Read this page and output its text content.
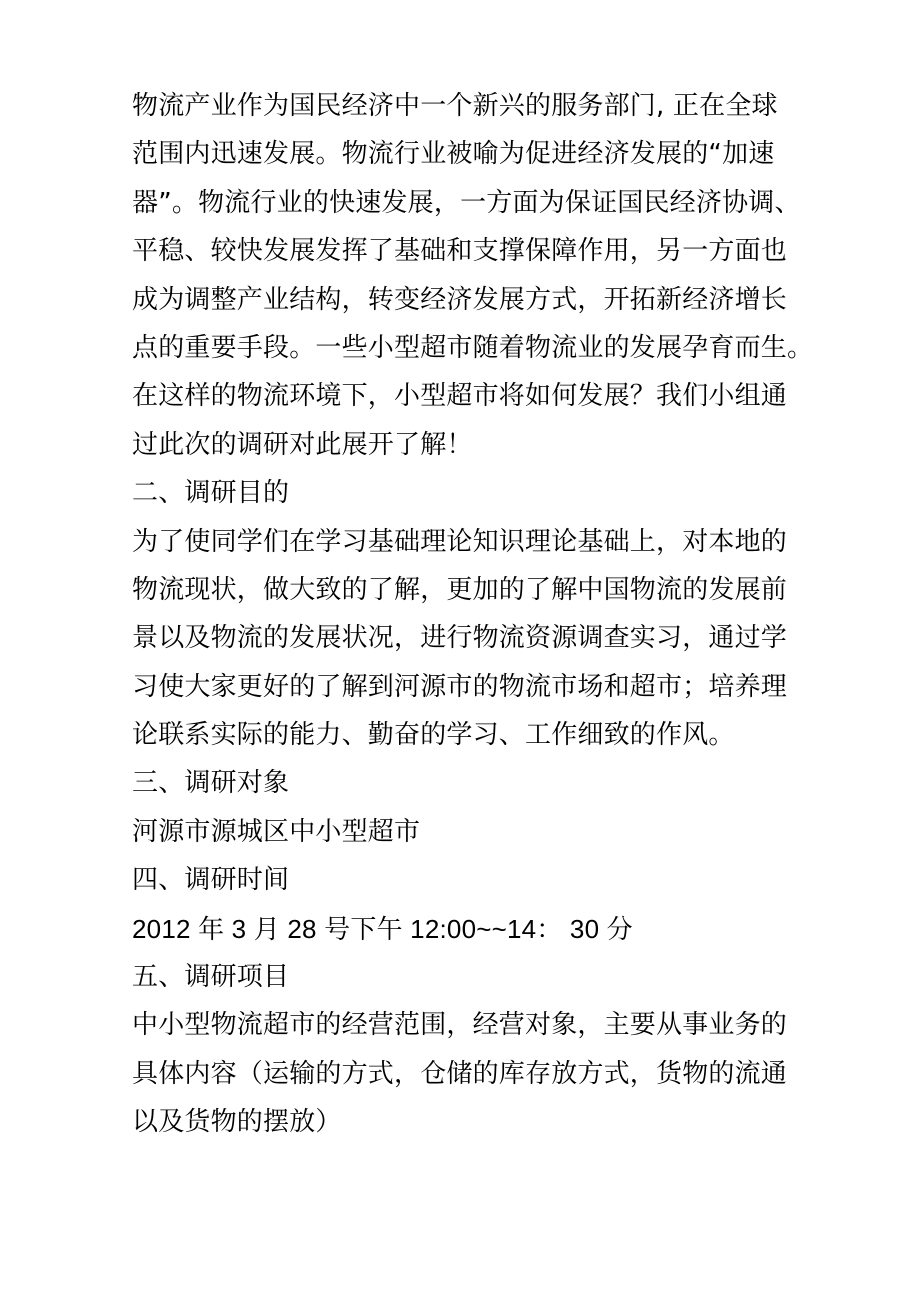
物流产业作为国民经济中一个新兴的服务部门, 正在全球
范围内迅速发展。物流行业被喻为促进经济发展的“加速
器”。物流行业的快速发展，一方面为保证国民经济协调、
平稳、较快发展发挥了基础和支撑保障作用，另一方面也
成为调整产业结构，转变经济发展方式，开拓新经济增长
点的重要手段。一些小型超市随着物流业的发展孕育而生。
在这样的物流环境下，小型超市将如何发展？我们小组通
过此次的调研对此展开了解！
二、调研目的
为了使同学们在学习基础理论知识理论基础上，对本地的
物流现状，做大致的了解，更加的了解中国物流的发展前
景以及物流的发展状况，进行物流资源调查实习，通过学
习使大家更好的了解到河源市的物流市场和超市；培养理
论联系实际的能力、勤奋的学习、工作细致的作风。
三、调研对象
河源市源城区中小型超市
四、调研时间
2012 年 3 月 28 号下午 12:00~~14： 30 分
五、调研项目
中小型物流超市的经营范围，经营对象，主要从事业务的
具体内容（运输的方式，仓储的库存放方式，货物的流通
以及货物的摆放）
